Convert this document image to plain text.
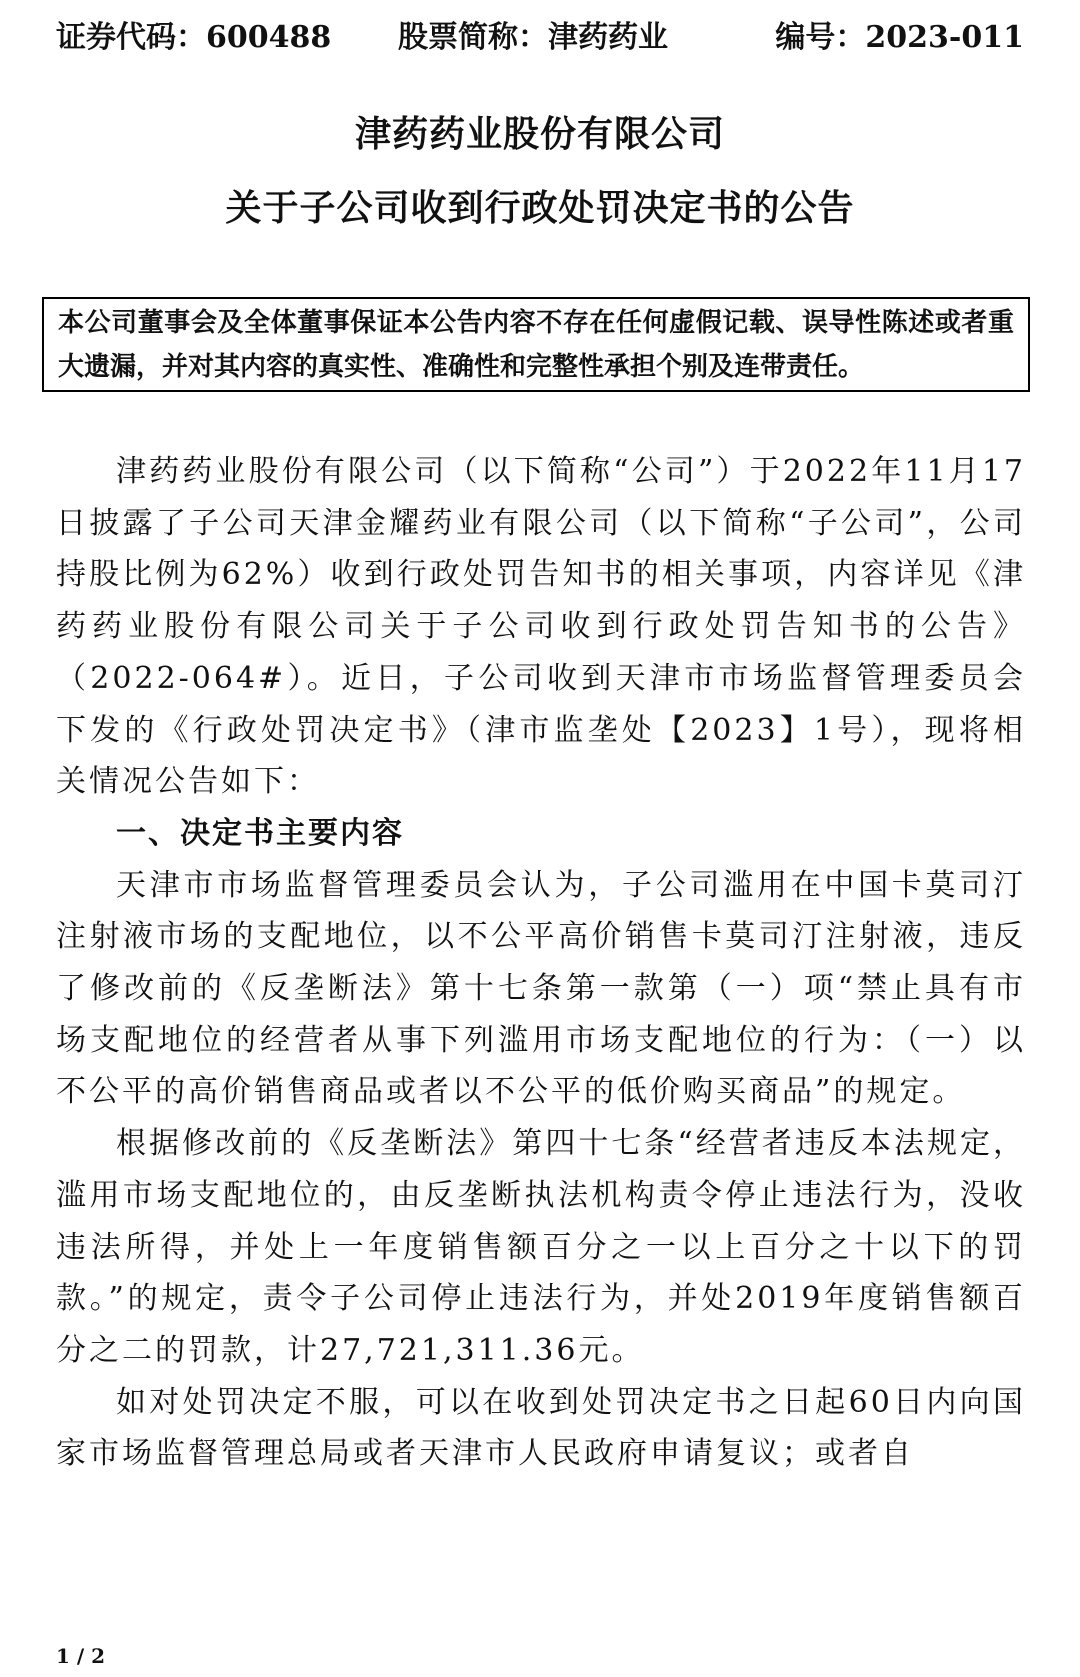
证券代码：600488 股票简称：津药药业	编号：2023-011
津药药业股份有限公司
关于子公司收到行政处罚决定书的公告
本公司董事会及全体董事保证本公告内容不存在任何虚假记载、误导性陈述或者重大遗漏，并对其内容的真实性、准确性和完整性承担个别及连带责任。

津药药业股份有限公司（以下简称“公司”）于2022年11月17日披露了子公司天津金耀药业有限公司（以下简称“子公司”，公司持股比例为62%）收到行政处罚告知书的相关事项，内容详见《津药药业股份有限公司关于子公司收到行政处罚告知书的公告》（2022-064#）。近日，子公司收到天津市市场监督管理委员会下发的《行政处罚决定书》（津市监垄处【2023】1号），现将相关情况公告如下：

一、决定书主要内容

天津市市场监督管理委员会认为，子公司滥用在中国卡莫司汀注射液市场的支配地位，以不公平高价销售卡莫司汀注射液，违反了修改前的《反垄断法》第十七条第一款第（一）项“禁止具有市场支配地位的经营者从事下列滥用市场支配地位的行为：（一）以不公平的高价销售商品或者以不公平的低价购买商品”的规定。

根据修改前的《反垄断法》第四十七条“经营者违反本法规定，滥用市场支配地位的，由反垄断执法机构责令停止违法行为，没收违法所得，并处上一年度销售额百分之一以上百分之十以下的罚款。”的规定，责令子公司停止违法行为，并处2019年度销售额百分之二的罚款，计27,721,311.36元。

如对处罚决定不服，可以在收到处罚决定书之日起60日内向国家市场监督管理总局或者天津市人民政府申请复议；或者自

1 / 2
